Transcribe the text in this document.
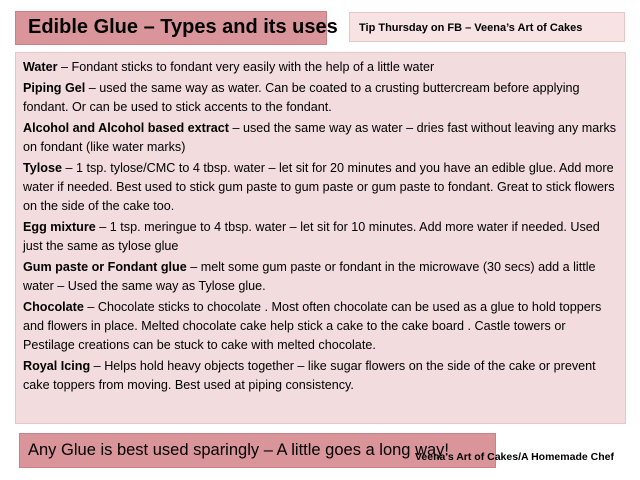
Edible Glue – Types and its uses	Tip Thursday on FB – Veena’s Art of Cakes

Water – Fondant sticks to fondant very easily with the help of a little water

Piping Gel – used the same way as water. Can be coated to a crusting buttercream before applying fondant. Or can be used to stick accents to the fondant.

Alcohol and Alcohol based extract – used the same way as water – dries fast without leaving any marks on fondant (like water marks)

Tylose – 1 tsp. tylose/CMC to 4 tbsp. water – let sit for 20 minutes and you have an edible glue. Add more water if needed. Best used to stick gum paste to gum paste or gum paste to fondant. Great to stick flowers on the side of the cake too.

Egg mixture – 1 tsp. meringue to 4 tbsp. water – let sit for 10 minutes. Add more water if needed. Used just the same as tylose glue

Gum paste or Fondant glue – melt some gum paste or fondant in the microwave (30 secs) add a little water – Used the same way as Tylose glue.

Chocolate – Chocolate sticks to chocolate . Most often chocolate can be used as a glue to hold toppers and flowers in place. Melted chocolate cake help stick a cake to the cake board . Castle towers or Pestilage creations can be stuck to cake with melted chocolate.

Royal Icing – Helps hold heavy objects together – like sugar flowers on the side of the cake or prevent cake toppers from moving. Best used at piping consistency.

Any Glue is best used sparingly – A little goes a long way!
Veena's Art of Cakes/A Homemade Chef
